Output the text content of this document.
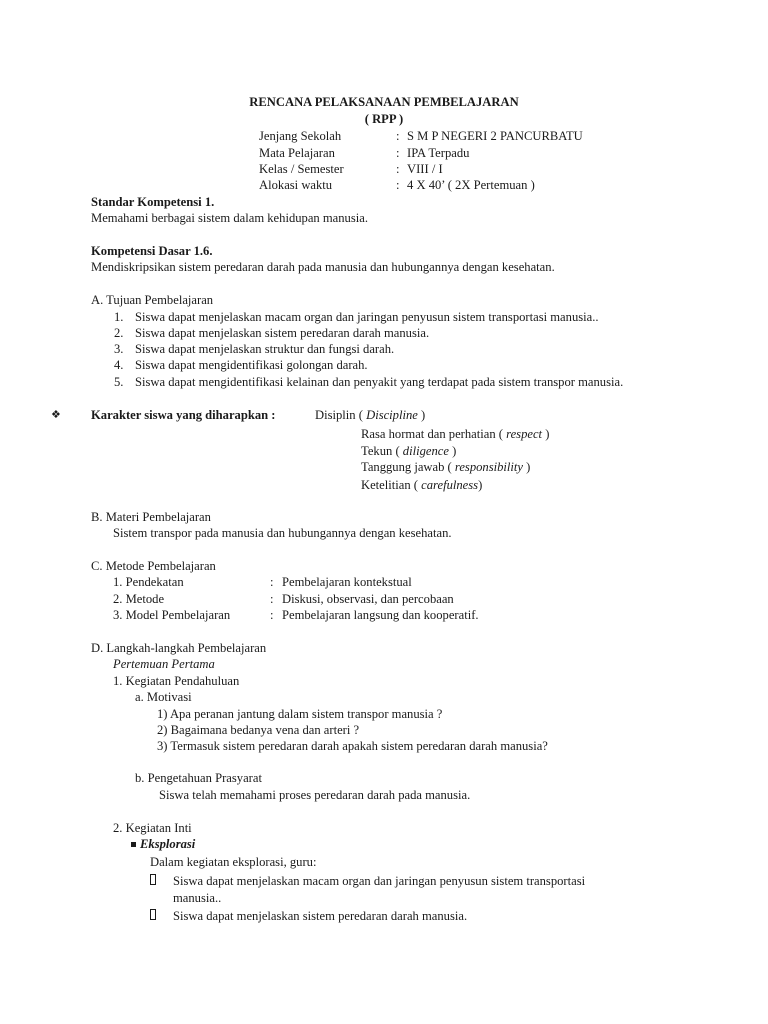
RENCANA PELAKSANAAN PEMBELAJARAN
( RPP )
Jenjang Sekolah	: S M P NEGERI 2 PANCURBATU
Mata Pelajaran	: IPA Terpadu
Kelas / Semester	: VIII / I
Alokasi waktu	: 4 X 40’ ( 2X Pertemuan )
Standar Kompetensi 1.
Memahami berbagai sistem dalam kehidupan manusia.
Kompetensi Dasar 1.6.
Mendiskripsikan sistem peredaran darah pada manusia dan hubungannya dengan kesehatan.
A. Tujuan Pembelajaran
1. Siswa dapat menjelaskan macam organ dan jaringan penyusun sistem transportasi manusia..
2. Siswa dapat menjelaskan sistem peredaran darah manusia.
3. Siswa dapat menjelaskan struktur dan fungsi darah.
4. Siswa dapat mengidentifikasi golongan darah.
5. Siswa dapat mengidentifikasi kelainan dan penyakit yang terdapat pada sistem transpor manusia.
❖ Karakter siswa yang diharapkan :	Disiplin ( Discipline )
Rasa hormat dan perhatian ( respect )
Tekun ( diligence )
Tanggung jawab ( responsibility )
Ketelitian ( carefulness)
B. Materi Pembelajaran
Sistem transpor pada manusia dan hubungannya dengan kesehatan.
C. Metode Pembelajaran
1. Pendekatan	: Pembelajaran kontekstual
2. Metode	: Diskusi, observasi, dan percobaan
3. Model Pembelajaran	: Pembelajaran langsung dan kooperatif.
D. Langkah-langkah Pembelajaran
Pertemuan Pertama
1. Kegiatan Pendahuluan
a. Motivasi
1) Apa peranan jantung dalam sistem transpor manusia ?
2) Bagaimana bedanya vena dan arteri ?
3) Termasuk sistem peredaran darah apakah sistem peredaran darah manusia?
b. Pengetahuan Prasyarat
Siswa telah memahami proses peredaran darah pada manusia.
2. Kegiatan Inti
Eksplorasi
Dalam kegiatan eksplorasi, guru:
Siswa dapat menjelaskan macam organ dan jaringan penyusun sistem transportasi
manusia..
Siswa dapat menjelaskan sistem peredaran darah manusia.
